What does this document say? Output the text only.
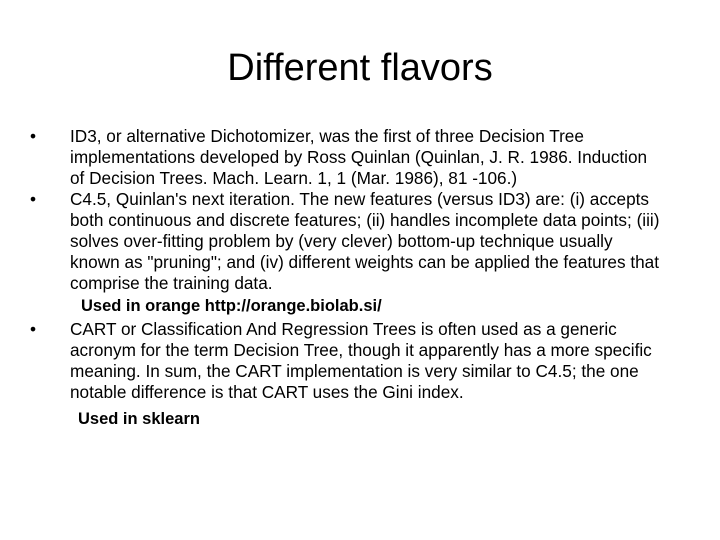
Different flavors

•	ID3, or alternative Dichotomizer, was the first of three Decision Tree implementations developed by Ross Quinlan (Quinlan, J. R. 1986. Induction of Decision Trees. Mach. Learn. 1, 1 (Mar. 1986), 81 -106.)

•	C4.5, Quinlan's next iteration. The new features (versus ID3) are: (i) accepts both continuous and discrete features; (ii) handles incomplete data points; (iii) solves over-fitting problem by (very clever) bottom-up technique usually known as "pruning"; and (iv) different weights can be applied the features that comprise the training data.

Used in orange http://orange.biolab.si/

•	CART or Classification And Regression Trees is often used as a generic acronym for the term Decision Tree, though it apparently has a more specific meaning. In sum, the CART implementation is very similar to C4.5; the one notable difference is that CART uses the Gini index.

Used in sklearn
